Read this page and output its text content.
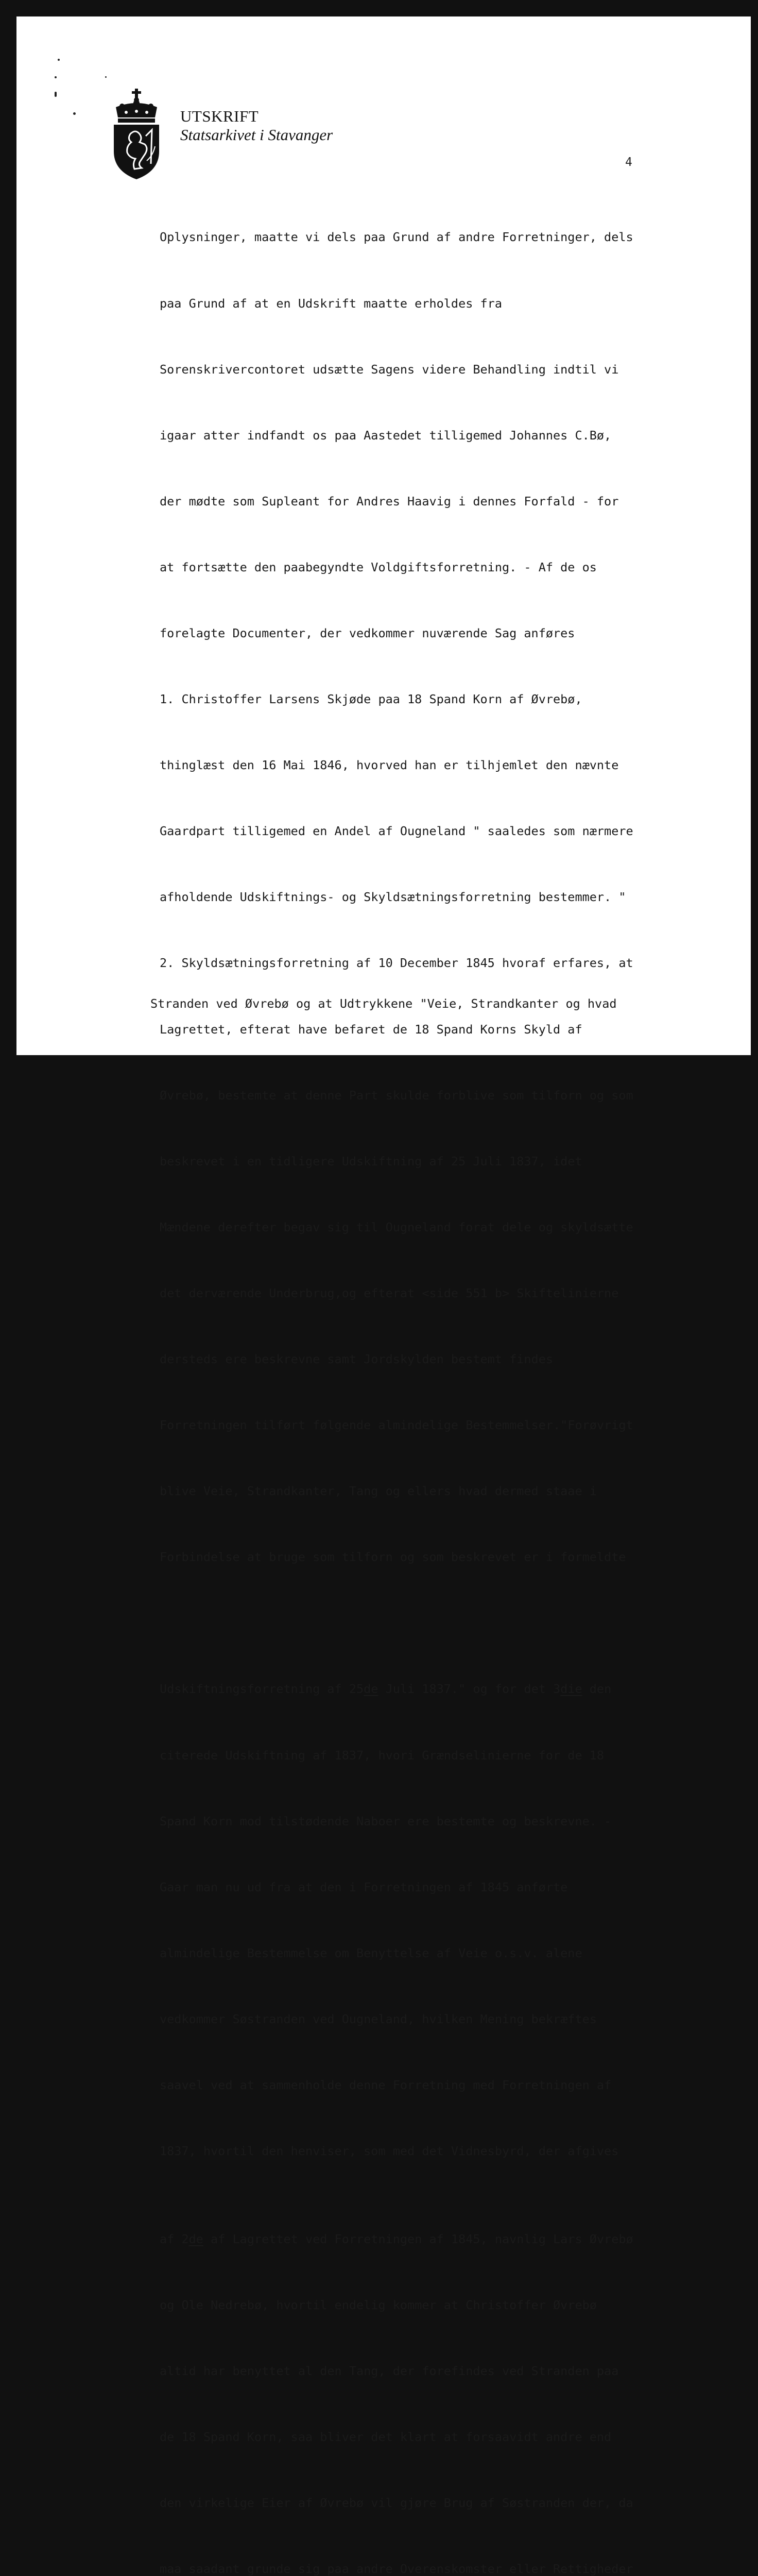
UTSKRIFT
Statsarkivet i Stavanger
4

Oplysninger, maatte vi dels paa Grund af andre Forretninger, dels

paa Grund af at en Udskrift maatte erholdes fra

Sorenskrivercontoret udsætte Sagens videre Behandling indtil vi

igaar atter indfandt os paa Aastedet tilligemed Johannes C.Bø,

der mødte som Supleant for Andres Haavig i dennes Forfald - for

at fortsætte den paabegyndte Voldgiftsforretning. - Af de os

forelagte Documenter, der vedkommer nuværende Sag anføres

1. Christoffer Larsens Skjøde paa 18 Spand Korn af Øvrebø,

thinglæst den 16 Mai 1846, hvorved han er tilhjemlet den nævnte

Gaardpart tilligemed en Andel af Ougneland " saaledes som nærmere

afholdende Udskiftnings- og Skyldsætningsforretning bestemmer. "

2. Skyldsætningsforretning af 10 December 1845 hvoraf erfares, at

Lagrettet, efterat have befaret de 18 Spand Korns Skyld af

Øvrebø, bestemte at denne Part skulde forblive som tilforn og som

beskrevet i en tidligere Udskiftning af 25 Juli 1837, idet

Mændene derefter begav sig til Ougneland forat dele og skyldsætte

det derværende Underbrug,og efterat <side 551 b> Skiftelinierne

dersteds ere beskrevne samt Jordskylden bestemt findes

Forretningen tilført følgende almindelige Bestemmelser."Forøvrigt

blive Veie, Strandkanter, Tang og ellers hvad dermed staae i

Forbindelse at bruge som tilforn og som beskrevet er i formeldte

Udskiftningsforretning af 25de Juli 1837." og for det 3die den

citerede Udskiftning af 1837, hvori Grændselinierne for de 18

Spand Korn mod tilstødende Naboer ere bestemte og beskrevne. -

Gaar man nu ud fra at den i Forretningen af 1845 anførte

almindelige Bestemmelse om Benyttelse af Veie o.s.v. alene

vedkommer Søstranden ved Ougneland, hvilken Mening bekræftes

saavel ved at sammenholde denne Forretning med Forretningen af

1837, hvortil den henviser, som med det Vidnesbyrd, der afgives

af 2de af Lagrettet ved Forretningen af 1845, navnlig Lars Øvrebø

og Ole Nedrebø, hvortil endelig kommer at Christoffer Øvrebø

altid har benyttet al den Tang, der forefindes ved Stranden paa

de 18 Spand Korn, saa bliver det klart at forsaavidt andre end

den virkelige Eier af Øvrebø vil gjøre Brug af Søstranden der, da

maa saadant grunde sig paa andre Overenskomster eller Rettigheder

Stranden ved Øvrebø og at Udtrykkene "Veie, Strandkanter og hvad
